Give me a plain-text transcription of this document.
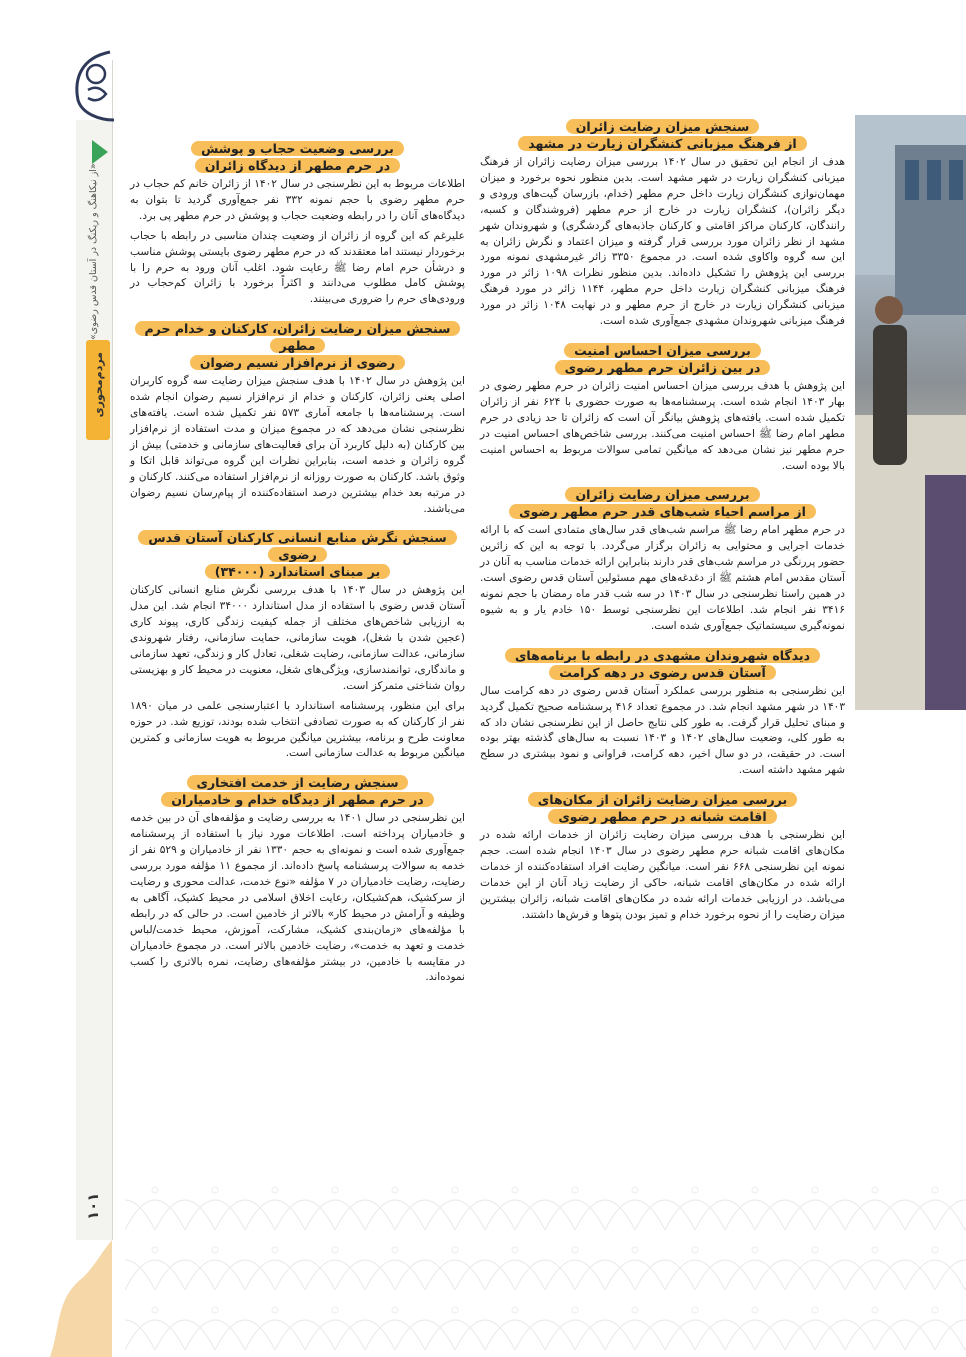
«از نیکاهنگ و ریکنگ در آستان قدس رضوی»
مردم‌محوری
۱۰۱
سنجش میزان رضایت زائران
از فرهنگ میزبانی کنشگران زیارت در مشهد

هدف از انجام این تحقیق در سال ۱۴۰۲ بررسی میزان رضایت زائران از فرهنگ میزبانی کنشگران زیارت در شهر مشهد است. بدین منظور نحوه برخورد و میزان مهمان‌نوازی کنشگران زیارت داخل حرم مطهر (خدام، بازرسان گیت‌های ورودی و دیگر زائران)، کنشگران زیارت در خارج از حرم مطهر (فروشندگان و کسبه، رانندگان، کارکنان مراکز اقامتی و کارکنان جاذبه‌های گردشگری) و شهروندان شهر مشهد از نظر زائران مورد بررسی قرار گرفته و میزان اعتماد و نگرش زائران به این سه گروه واکاوی شده است. در مجموع ۳۳۵۰ زائر غیرمشهدی نمونه مورد بررسی این پژوهش را تشکیل داده‌اند. بدین منظور نظرات ۱۰۹۸ زائر در مورد فرهنگ میزبانی کنشگران زیارت داخل حرم مطهر، ۱۱۴۴ زائر در مورد فرهنگ میزبانی کنشگران زیارت در خارج از حرم مطهر و در نهایت ۱۰۴۸ زائر در مورد فرهنگ میزبانی شهروندان مشهدی جمع‌آوری شده است.

بررسی میزان احساس امنیت
در بین زائران حرم مطهر رضوی

این پژوهش با هدف بررسی میزان احساس امنیت زائران در حرم مطهر رضوی در بهار ۱۴۰۳ انجام شده است. پرسشنامه‌ها به صورت حضوری با ۶۲۴ نفر از زائران تکمیل شده است. یافته‌های پژوهش بیانگر آن است که زائران تا حد زیادی در حرم مطهر امام رضا ﷺ احساس امنیت می‌کنند. بررسی شاخص‌های احساس امنیت در حرم مطهر نیز نشان می‌دهد که میانگین تمامی سوالات مربوط به احساس امنیت بالا بوده است.

بررسی میزان رضایت زائران
از مراسم احیاء شب‌های قدر حرم مطهر رضوی

در حرم مطهر امام رضا ﷺ مراسم شب‌های قدر سال‌های متمادی است که با ارائه خدمات اجرایی و محتوایی به زائران برگزار می‌گردد. با توجه به این که زائرین حضور پررنگی در مراسم شب‌های قدر دارند بنابراین ارائه خدمات مناسب به آنان در آستان مقدس امام هشتم ﷺ از دغدغه‌های مهم مسئولین آستان قدس رضوی است. در همین راستا نظرسنجی در سال ۱۴۰۳ در سه شب قدر ماه رمضان با حجم نمونه ۳۴۱۶ نفر انجام شد. اطلاعات این نظرسنجی توسط ۱۵۰ خادم یار و به شیوه نمونه‌گیری سیستماتیک جمع‌آوری شده است.

دیدگاه شهروندان مشهدی در رابطه با برنامه‌های
آستان قدس رضوی در دهه کرامت

این نظرسنجی به منظور بررسی عملکرد آستان قدس رضوی در دهه کرامت سال ۱۴۰۳ در شهر مشهد انجام شد. در مجموع تعداد ۴۱۶ پرسشنامه صحیح تکمیل گردید و مبنای تحلیل قرار گرفت. به طور کلی نتایج حاصل از این نظرسنجی نشان داد که به طور کلی، وضعیت سال‌های ۱۴۰۲ و ۱۴۰۳ نسبت به سال‌های گذشته بهتر بوده است. در حقیقت، در دو سال اخیر، دهه کرامت، فراوانی و نمود بیشتری در سطح شهر مشهد داشته است.

بررسی میزان رضایت زائران از مکان‌های
اقامت شبانه در حرم مطهر رضوی

این نظرسنجی با هدف بررسی میزان رضایت زائران از خدمات ارائه شده در مکان‌های اقامت شبانه حرم مطهر رضوی در سال ۱۴۰۳ انجام شده است. حجم نمونه این نظرسنجی ۶۶۸ نفر است. میانگین رضایت افراد استفاده‌کننده از خدمات ارائه شده در مکان‌های اقامت شبانه، حاکی از رضایت زیاد آنان از این خدمات می‌باشد. در ارزیابی خدمات ارائه شده در مکان‌های اقامت شبانه، زائران بیشترین میزان رضایت را از نحوه برخورد خدام و تمیز بودن پتوها و فرش‌ها داشتند.

بررسی وضعیت حجاب و پوشش
در حرم مطهر از دیدگاه زائران

اطلاعات مربوط به این نظرسنجی در سال ۱۴۰۲ از زائران خانم کم حجاب در حرم مطهر رضوی با حجم نمونه ۳۳۲ نفر جمع‌آوری گردید تا بتوان به دیدگاه‌های آنان را در رابطه وضعیت حجاب و پوشش در حرم مطهر پی برد.

علیرغم که این گروه از زائران از وضعیت چندان مناسبی در رابطه با حجاب برخوردار نیستند اما معتقدند که در حرم مطهر رضوی بایستی پوشش مناسب و درشأن حرم امام رضا ﷺ رعایت شود. اغلب آنان ورود به حرم را با پوشش کامل مطلوب می‌دانند و اکثراً برخورد با زائران کم‌حجاب در ورودی‌های حرم را ضروری می‌بینند.

سنجش میزان رضایت زائران، کارکنان و خدام حرم مطهر
رضوی از نرم‌افزار نسیم رضوان

این پژوهش در سال ۱۴۰۲ با هدف سنجش میزان رضایت سه گروه کاربران اصلی یعنی زائران، کارکنان و خدام از نرم‌افزار نسیم رضوان انجام شده است. پرسشنامه‌ها با جامعه آماری ۵۷۳ نفر تکمیل شده است. یافته‌های نظرسنجی نشان می‌دهد که در مجموع میزان و مدت استفاده از نرم‌افزار بین کارکنان (به دلیل کاربرد آن برای فعالیت‌های سازمانی و خدمتی) بیش از گروه زائران و خدمه است، بنابراین نظرات این گروه می‌تواند قابل اتکا و وثوق باشد. کارکنان به صورت روزانه از نرم‌افزار استفاده می‌کنند. کارکنان و در مرتبه بعد خدام بیشترین درصد استفاده‌کننده از پیام‌رسان نسیم رضوان می‌باشند.

سنجش نگرش منابع انسانی کارکنان آستان قدس رضوی
بر مبنای استاندارد (۳۴۰۰۰)

این پژوهش در سال ۱۴۰۳ با هدف بررسی نگرش منابع انسانی کارکنان آستان قدس رضوی با استفاده از مدل استاندارد ۳۴۰۰۰ انجام شد. این مدل به ارزیابی شاخص‌های مختلف از جمله کیفیت زندگی کاری، پیوند کاری (عجین شدن با شغل)، هویت سازمانی، حمایت سازمانی، رفتار شهروندی سازمانی، عدالت سازمانی، رضایت شغلی، تعادل کار و زندگی، تعهد سازمانی و ماندگاری، توانمندسازی، ویژگی‌های شغل، معنویت در محیط کار و بهزیستی روان شناختی متمرکز است.

برای این منظور، پرسشنامه استاندارد با اعتبارسنجی علمی در میان ۱۸۹۰ نفر از کارکنان که به صورت تصادفی انتخاب شده بودند، توزیع شد. در حوزه معاونت طرح و برنامه، بیشترین میانگین مربوط به هویت سازمانی و کمترین میانگین مربوط به عدالت سازمانی است.

سنجش رضایت از خدمت افتخاری
در حرم مطهر از دیدگاه خدام و خادمیاران

این نظرسنجی در سال ۱۴۰۱ به بررسی رضایت و مؤلفه‌های آن در بین خدمه و خادمیاران پرداخته است. اطلاعات مورد نیاز با استفاده از پرسشنامه جمع‌آوری شده است و نمونه‌ای به حجم ۱۳۳۰ نفر از خادمیاران و ۵۲۹ نفر از خدمه به سوالات پرسشنامه پاسخ داده‌اند. از مجموع ۱۱ مؤلفه مورد بررسی رضایت، رضایت خادمیاران در ۷ مؤلفه «نوع خدمت، عدالت محوری و رضایت از سرکشیک، هم‌کشیکان، رعایت اخلاق اسلامی در محیط کشیک، آگاهی به وظیفه و آرامش در محیط کار» بالاتر از خادمین است. در حالی که در رابطه با مؤلفه‌های «زمان‌بندی کشیک، مشارکت، آموزش، محیط خدمت/لباس خدمت و تعهد به خدمت»، رضایت خادمین بالاتر است. در مجموع خادمیاران در مقایسه با خادمین، در بیشتر مؤلفه‌های رضایت، نمره بالاتری را کسب نموده‌اند.
